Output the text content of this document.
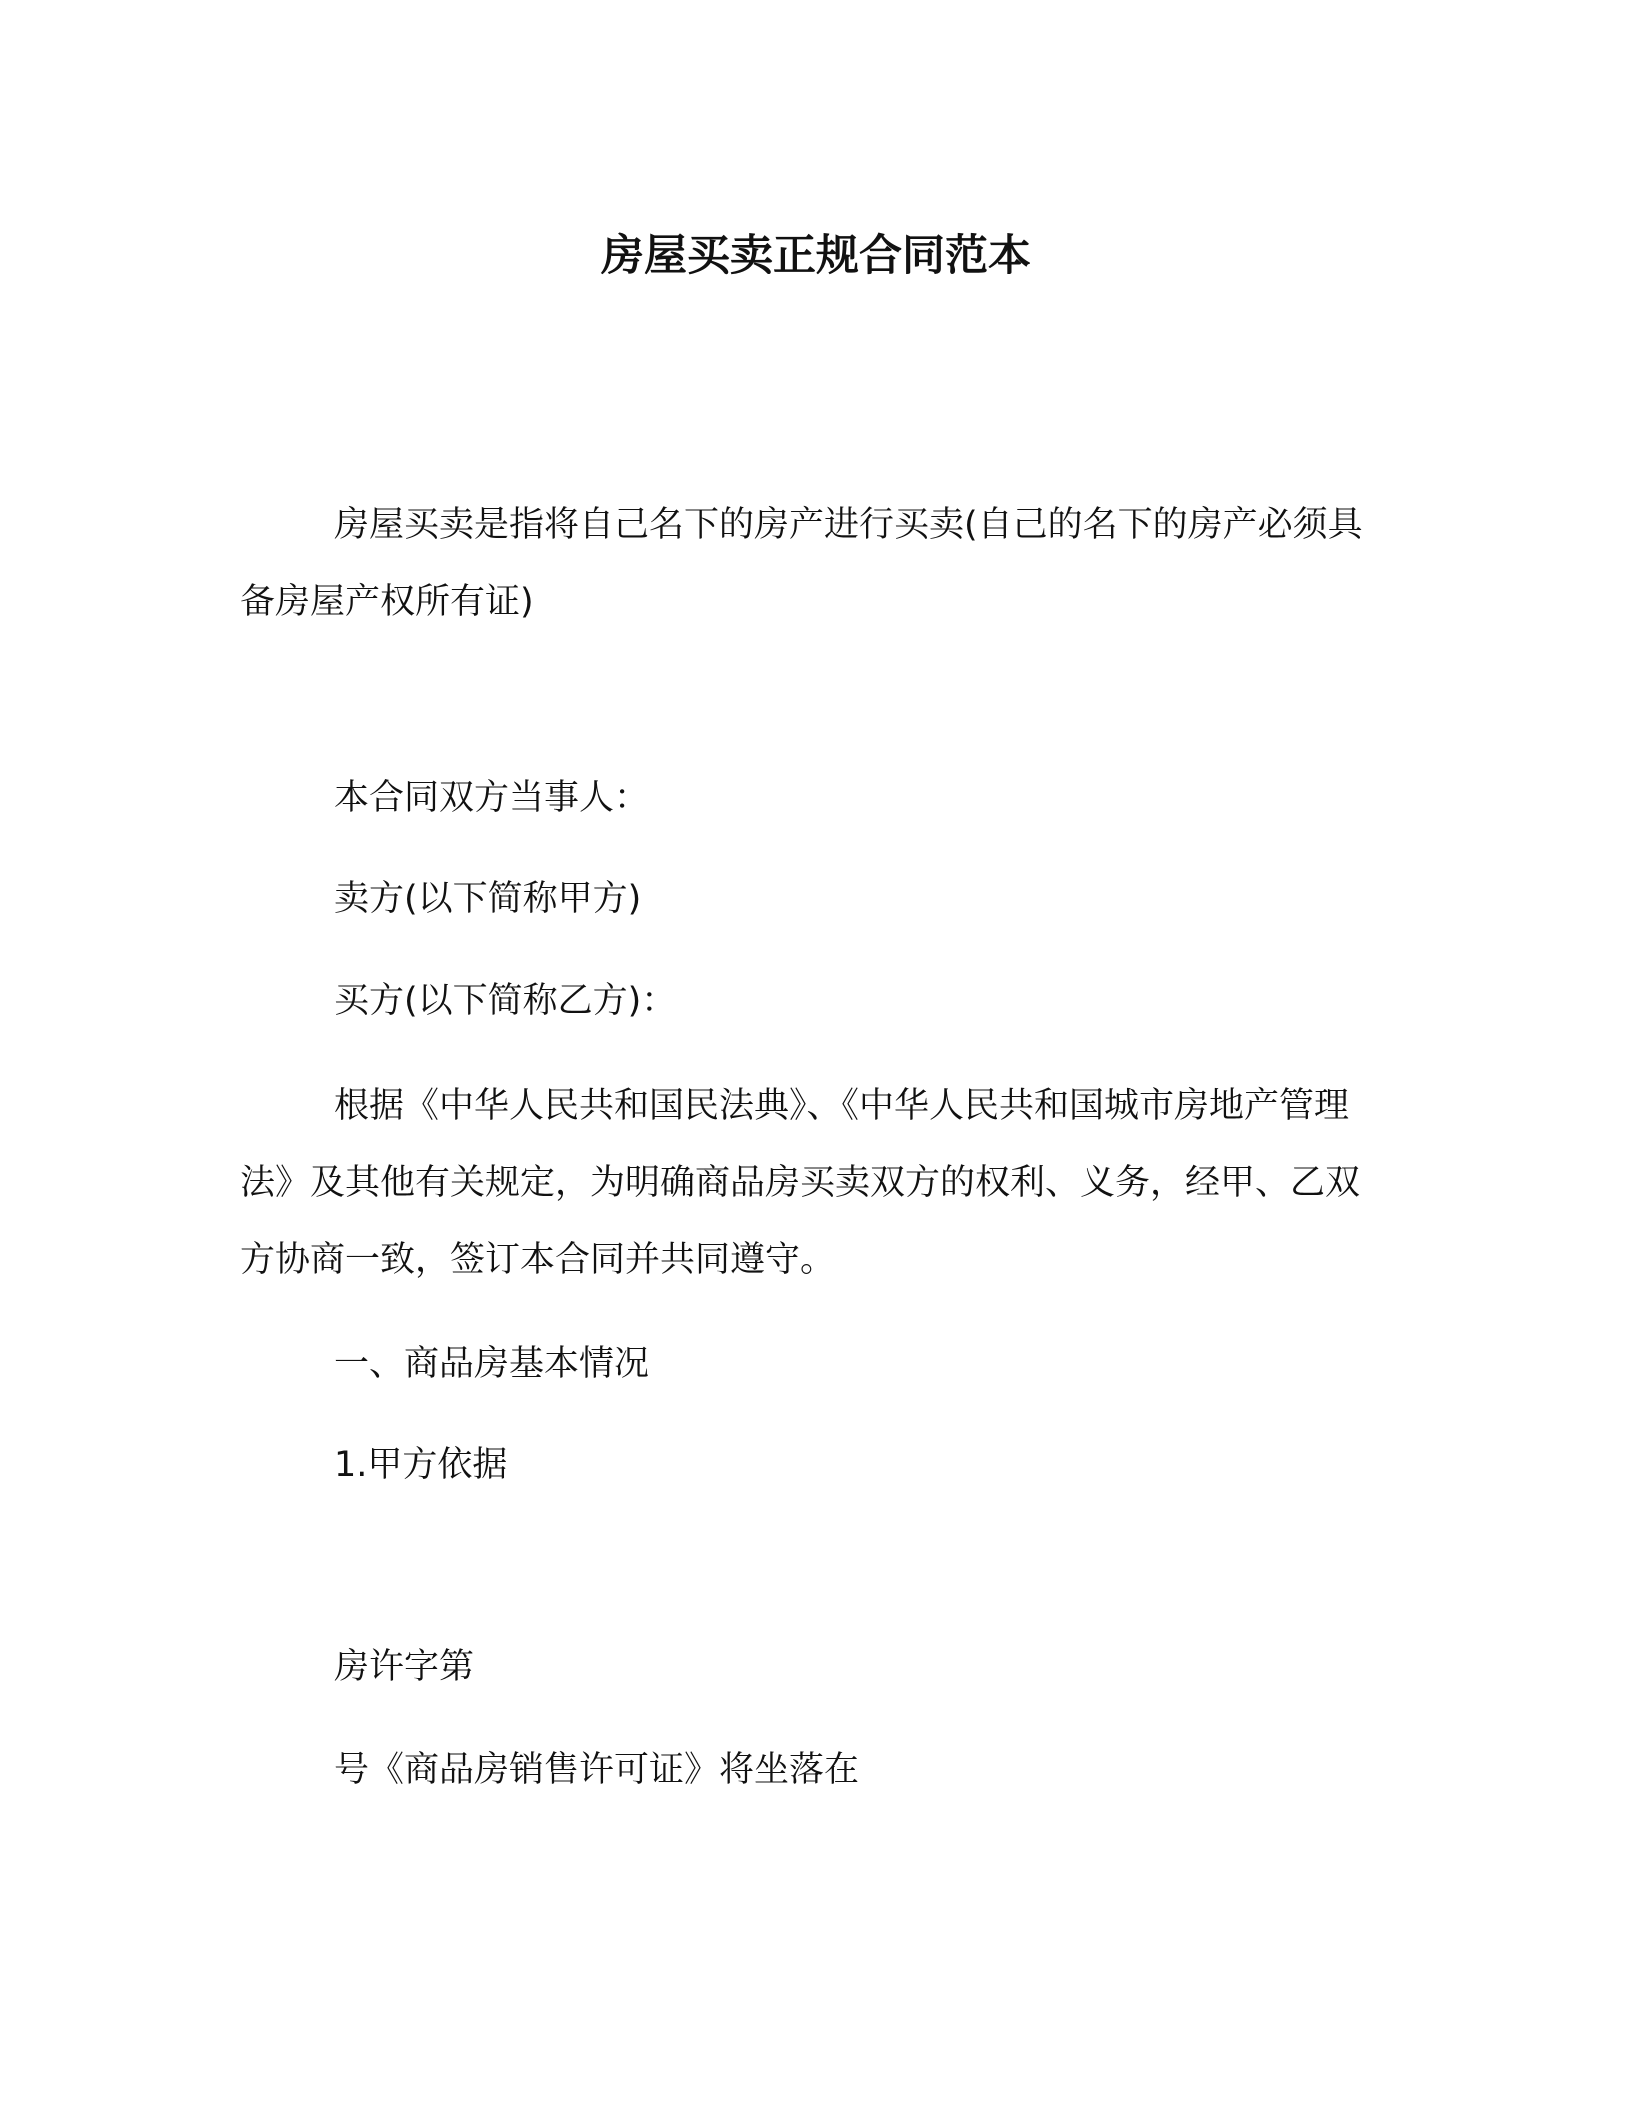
房屋买卖正规合同范本

房屋买卖是指将自己名下的房产进行买卖(自己的名下的房产必须具备房屋产权所有证)

本合同双方当事人：

卖方(以下简称甲方)

买方(以下简称乙方)：

根据《中华人民共和国民法典》、《中华人民共和国城市房地产管理法》及其他有关规定，为明确商品房买卖双方的权利、义务，经甲、乙双方协商一致，签订本合同并共同遵守。

一、商品房基本情况

1.甲方依据

房许字第

号《商品房销售许可证》将坐落在
